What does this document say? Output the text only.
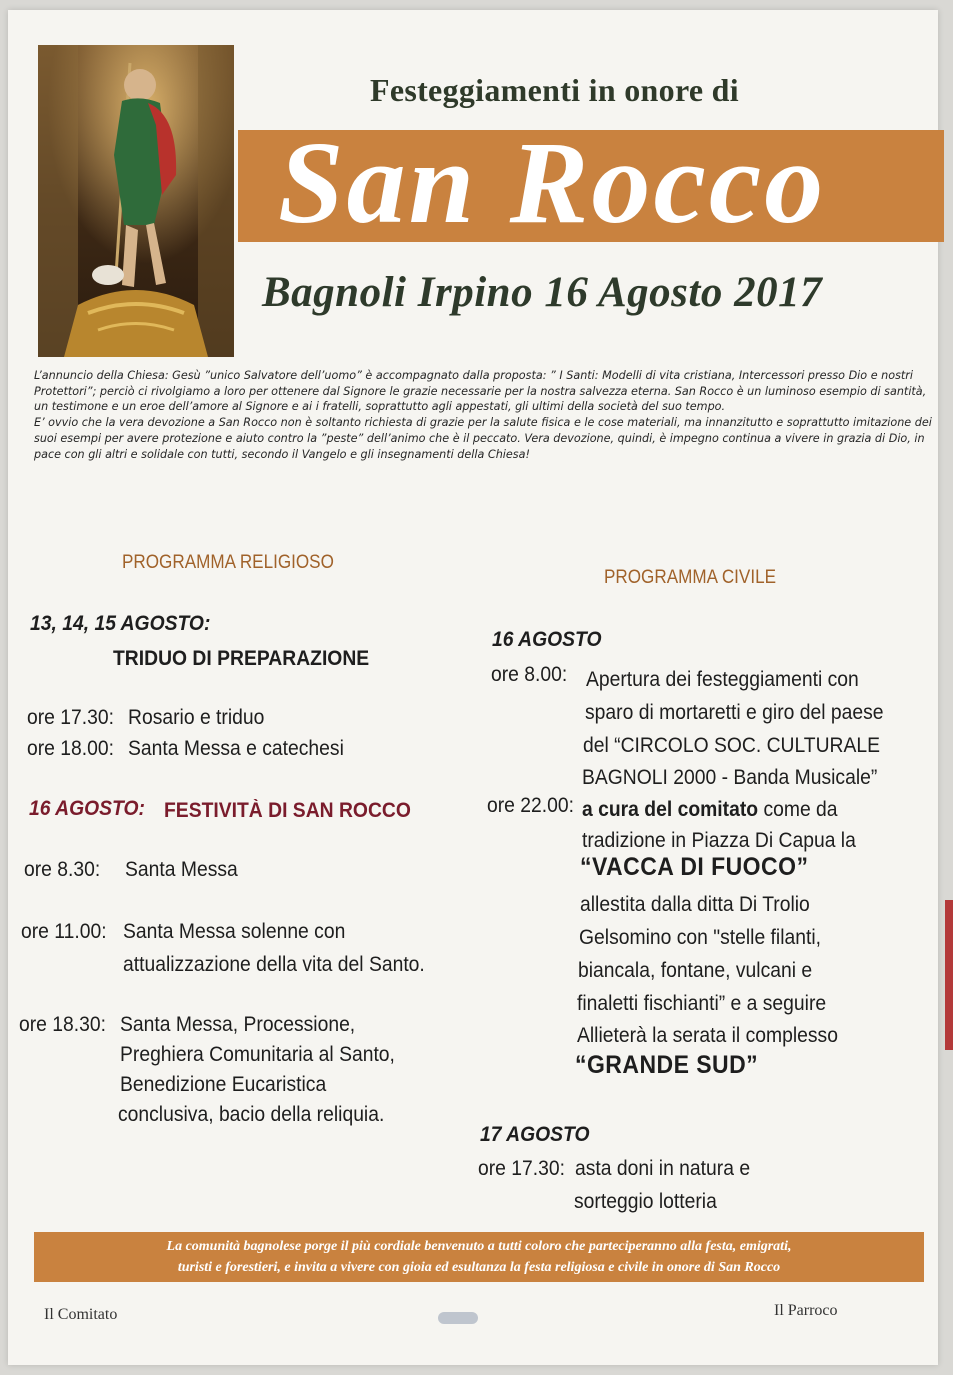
Festeggiamenti in onore di
San Rocco
Bagnoli Irpino 16 Agosto 2017

L’annuncio della Chiesa: Gesù ”unico Salvatore dell’uomo” è accompagnato dalla proposta: ” I Santi: Modelli di vita cristiana, Intercessori presso Dio e nostri Protettori”; perciò ci rivolgiamo a loro per ottenere dal Signore le grazie necessarie per la nostra salvezza eterna. San Rocco è un luminoso esempio di santità, un testimone e un eroe dell’amore al Signore e ai i fratelli, soprattutto agli appestati, gli ultimi della società del suo tempo.

E’ ovvio che la vera devozione a San Rocco non è soltanto richiesta di grazie per la salute fisica e le cose materiali, ma innanzitutto e soprattutto imitazione dei suoi esempi per avere protezione e aiuto contro la ”peste” dell’animo che è il peccato. Vera devozione, quindi, è impegno continua a vivere in grazia di Dio, in pace con gli altri e solidale con tutti, secondo il Vangelo e gli insegnamenti della Chiesa!

PROGRAMMA RELIGIOSO
13, 14, 15 AGOSTO:
TRIDUO DI PREPARAZIONE
ore 17.30: Rosario e triduo
ore 18.00: Santa Messa e catechesi
16 AGOSTO: FESTIVITÀ DI SAN ROCCO
ore 8.30: Santa Messa
ore 11.00: Santa Messa solenne con
attualizzazione della vita del Santo.
ore 18.30: Santa Messa, Processione,
Preghiera Comunitaria al Santo,
Benedizione Eucaristica
conclusiva, bacio della reliquia.
PROGRAMMA CIVILE
16 AGOSTO
ore 8.00: Apertura dei festeggiamenti con
sparo di mortaretti e giro del paese
del “CIRCOLO SOC. CULTURALE
BAGNOLI 2000 - Banda Musicale”
ore 22.00: a cura del comitato come da
tradizione in Piazza Di Capua la
“VACCA DI FUOCO”
allestita dalla ditta Di Trolio
Gelsomino con "stelle filanti,
biancala, fontane, vulcani e
finaletti fischianti” e a seguire
Allieterà la serata il complesso
“GRANDE SUD”
17 AGOSTO
ore 17.30: asta doni in natura e
sorteggio lotteria
La comunità bagnolese porge il più cordiale benvenuto a tutti coloro che parteciperanno alla festa, emigrati,
turisti e forestieri, e invita a vivere con gioia ed esultanza la festa religiosa e civile in onore di San Rocco
Il Comitato	Il Parroco
